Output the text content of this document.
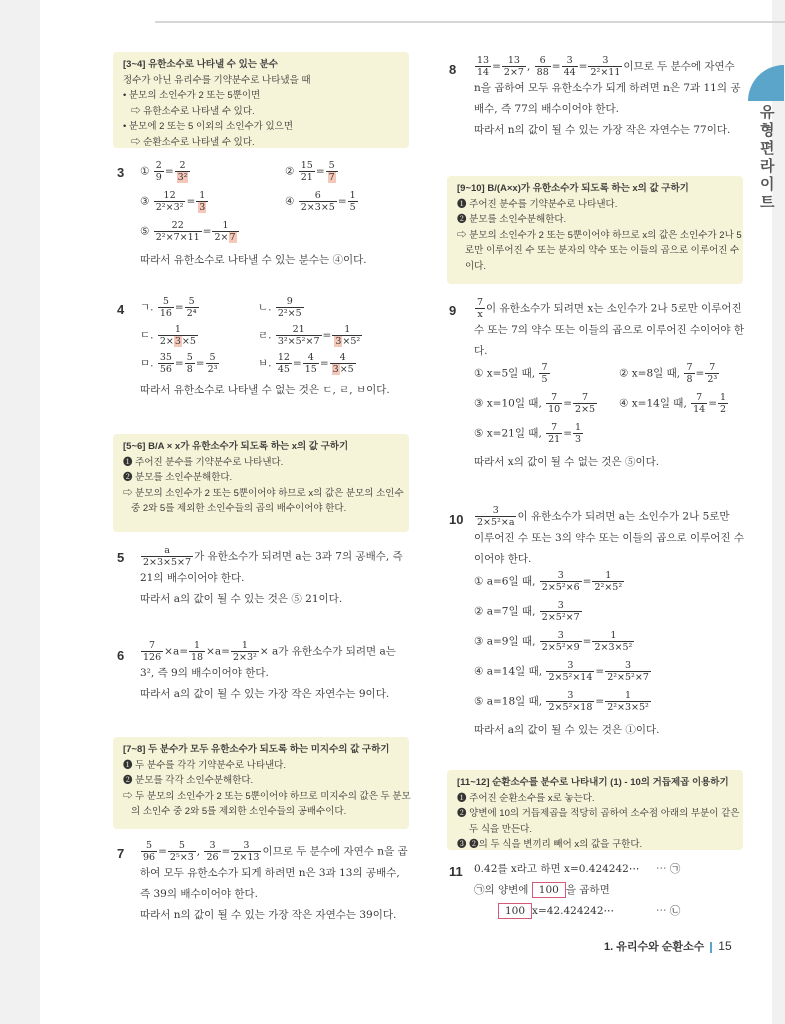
유형편 라이트
[3~4] 유한소수로 나타낼 수 있는 분수
정수가 아닌 유리수를 기약분수로 나타냈을 때
• 분모의 소인수가 2 또는 5뿐이면
⇨ 유한소수로 나타낼 수 있다.
• 분모에 2 또는 5 이외의 소인수가 있으면
⇨ 순환소수로 나타낼 수 있다.
3 ① $\frac{2}{9} = \frac{2}{\text{3²}}$	② $\frac{15}{21} = \frac{5}{7}$
③ $\frac{12}{\text{2²×3²}} = \frac{1}{3}$	④ $\frac{6}{2\times 3\times 5} = \frac{1}{5}$
⑤ $\frac{22}{\text{2²×7×11}} = \frac{1}{2\times 7}$
따라서 유한소수로 나타낼 수 있는 분수는 ④이다.
4 ㄱ. $\frac{5}{16} = \frac{5}{\text{2⁴}}$	ㄴ. $\frac{9}{\text{2²×5}}$
ㄷ. $\frac{1}{2\times 3\times 5}$	ㄹ. $\frac{21}{\text{3²×5²×7}} = \frac{1}{\text{3×5²}}$
ㅁ. $\frac{35}{56} = \frac{5}{8} = \frac{5}{\text{2³}}$	ㅂ. $\frac{12}{45} = \frac{4}{15} = \frac{4}{3\times 5}$
따라서 유한소수로 나타낼 수 없는 것은 ㄷ, ㄹ, ㅂ이다.
[5~6] B/A × x가 유한소수가 되도록 하는 x의 값 구하기
❶ 주어진 분수를 기약분수로 나타낸다.
❷ 분모를 소인수분해한다.
⇨ 분모의 소인수가 2 또는 5뿐이어야 하므로 x의 값은 분모의 소인수
중 2와 5를 제외한 소인수들의 곱의 배수이어야 한다.
$5 \frac{a}{2\times 3\times 5\times 7}$ 가 유한소수가 되려면 a는 3과 7의 공배수, 즉
21의 배수이어야 한다.
따라서 a의 값이 될 수 있는 것은 ⑤ 21이다.
$6 \frac{7}{126} \times a= \frac{1}{18} \times a= \frac{1}{\text{2×3²}} \times a$가 유한소수가 되려면 a는
3², 즉 9의 배수이어야 한다.
따라서 a의 값이 될 수 있는 가장 작은 자연수는 9이다.
[7~8] 두 분수가 모두 유한소수가 되도록 하는 미지수의 값 구하기
❶ 두 분수를 각각 기약분수로 나타낸다.
❷ 분모를 각각 소인수분해한다.
⇨ 두 분모의 소인수가 2 또는 5뿐이어야 하므로 미지수의 값은 두 분모
의 소인수 중 2와 5를 제외한 소인수들의 공배수이다.
$7 \frac{5}{96} = \frac{5}{\text{2⁵×3}}$ , $\frac{3}{26} = \frac{3}{2\times 13}$ 이므로 두 분수에 자연수 n을 곱
하여 모두 유한소수가 되게 하려면 n은 3과 13의 공배수,
즉 39의 배수이어야 한다.
따라서 n의 값이 될 수 있는 가장 작은 자연수는 39이다.
$8 \frac{13}{14} = \frac{13}{2\times 7}$ , $\frac{6}{88} = \frac{3}{44} = \frac{3}{\text{2²×11}}$ 이므로 두 분수에 자연수
n을 곱하여 모두 유한소수가 되게 하려면 n은 7과 11의 공
배수, 즉 77의 배수이어야 한다.
따라서 n의 값이 될 수 있는 가장 작은 자연수는 77이다.
[9~10] B/(A×x)가 유한소수가 되도록 하는 x의 값 구하기
❶ 주어진 분수를 기약분수로 나타낸다.
❷ 분모를 소인수분해한다.
⇨ 분모의 소인수가 2 또는 5뿐이어야 하므로 x의 값은 소인수가 2나 5
로만 이루어진 수 또는 분자의 약수 또는 이들의 곱으로 이루어진 수
이다.
$9 \frac{7}{x}$ 이 유한소수가 되려면 x는 소인수가 2나 5로만 이루어진
수 또는 7의 약수 또는 이들의 곱으로 이루어진 수이어야 한
다.
① x=5일 때, $\frac{7}{5}$	② x=8일 때, $\frac{7}{8} = \frac{7}{\text{2³}}$
③ x=10일 때, $\frac{7}{10} = \frac{7}{2\times 5}$ ④ x=14일 때, $\frac{7}{14} = \frac{1}{2}$
⑤ x=21일 때, $\frac{7}{21} = \frac{1}{3}$
따라서 x의 값이 될 수 없는 것은 ⑤이다.
$10 \frac{3}{\text{2×5²×a}}$ 이 유한소수가 되려면 a는 소인수가 2나 5로만
이루어진 수 또는 3의 약수 또는 이들의 곱으로 이루어진 수
이어야 한다.
① a=6일 때, $\frac{3}{\text{2×5²×6}} = \frac{1}{\text{2²×5²}}$
② a=7일 때, $\frac{3}{\text{2×5²×7}}$
③ a=9일 때, $\frac{3}{\text{2×5²×9}} = \frac{1}{\text{2×3×5²}}$
④ a=14일 때, $\frac{3}{\text{2×5²×14}} = \frac{3}{\text{2²×5²×7}}$
⑤ a=18일 때, $\frac{3}{\text{2×5²×18}} = \frac{1}{\text{2²×3×5²}}$
따라서 a의 값이 될 수 있는 것은 ①이다.
[11~12] 순환소수를 분수로 나타내기 (1) - 10의 거듭제곱 이용하기
❶ 주어진 순환소수를 x로 놓는다.
❷ 양변에 10의 거듭제곱을 적당히 곱하여 소수점 아래의 부분이 같은
두 식을 만든다.
❸ ❷의 두 식을 변끼리 빼어 x의 값을 구한다.
11 0.42̇를 x라고 하면 x=0.424242⋯ ⋯ ㉠
㉠의 양변에 100 을 곱하면
100 x=42.424242⋯	⋯ ㉡
1. 유리수와 순환소수 15
